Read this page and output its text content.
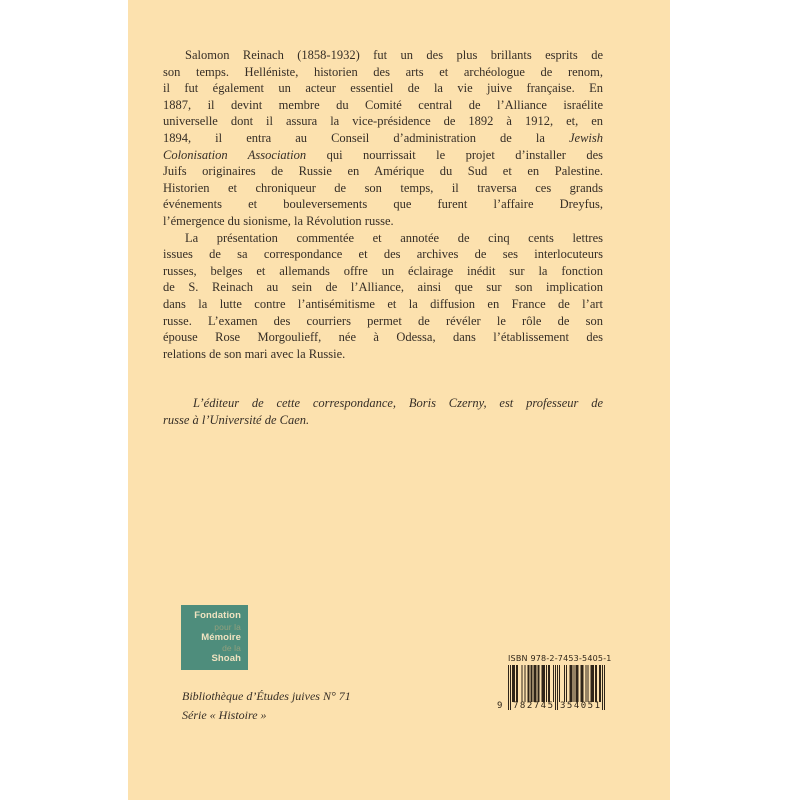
Salomon Reinach (1858-1932) fut un des plus brillants esprits de
son temps. Helléniste, historien des arts et archéologue de renom,
il fut également un acteur essentiel de la vie juive française. En
1887, il devint membre du Comité central de l’Alliance israélite
universelle dont il assura la vice-présidence de 1892 à 1912, et, en
1894, il entra au Conseil d’administration de la Jewish
Colonisation Association qui nourrissait le projet d’installer des
Juifs originaires de Russie en Amérique du Sud et en Palestine.
Historien et chroniqueur de son temps, il traversa ces grands
événements et bouleversements que furent l’affaire Dreyfus,
l’émergence du sionisme, la Révolution russe.
La présentation commentée et annotée de cinq cents lettres
issues de sa correspondance et des archives de ses interlocuteurs
russes, belges et allemands offre un éclairage inédit sur la fonction
de S. Reinach au sein de l’Alliance, ainsi que sur son implication
dans la lutte contre l’antisémitisme et la diffusion en France de l’art
russe. L’examen des courriers permet de révéler le rôle de son
épouse Rose Morgoulieff, née à Odessa, dans l’établissement des
relations de son mari avec la Russie.
L’éditeur de cette correspondance, Boris Czerny, est professeur de
russe à l’Université de Caen.
Fondation
pour la
Mémoire
de la
Shoah
Bibliothèque d’Études juives N° 71
Série « Histoire »
ISBN 978-2-7453-5405-1
9 782745 354051
